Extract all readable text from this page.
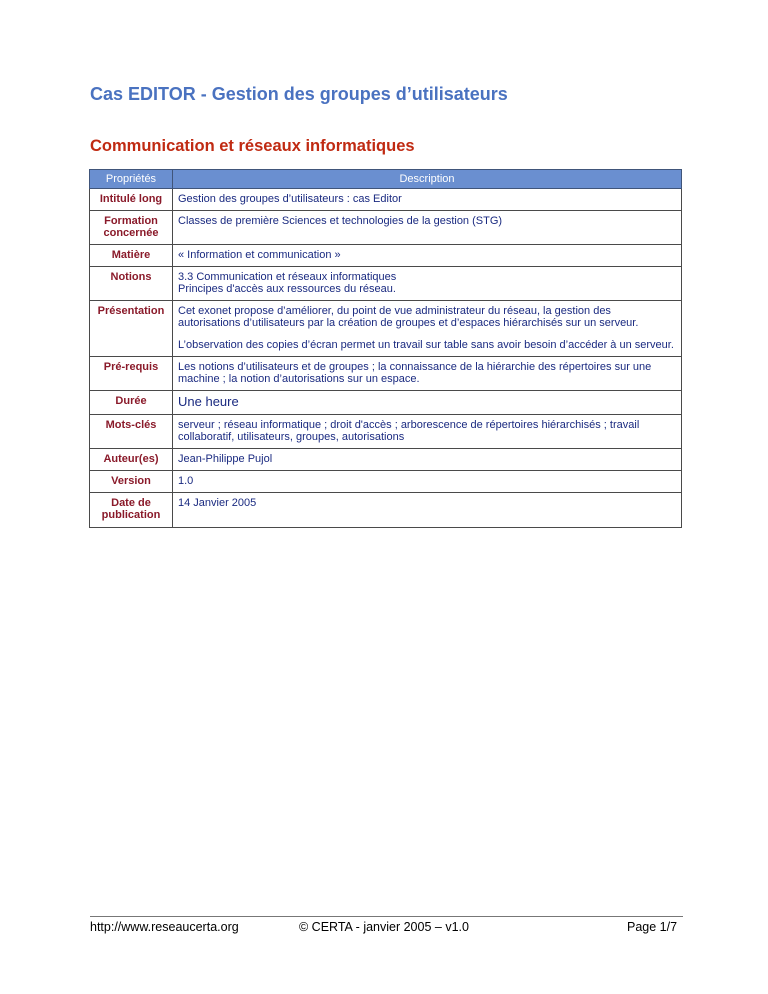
Cas EDITOR - Gestion des groupes d’utilisateurs
Communication et réseaux informatiques
Propriétés	Description
Intitulé long	Gestion des groupes d’utilisateurs : cas Editor

Formation concernée	Classes de première Sciences et technologies de la gestion (STG)

Matière	« Information et communication »

Notions	3.3 Communication et réseaux informatiques
Principes d'accès aux ressources du réseau.

Présentation	Cet exonet propose d’améliorer, du point de vue administrateur du réseau, la gestion des autorisations d’utilisateurs par la création de groupes et d’espaces hiérarchisés sur un serveur.
L’observation des copies d’écran permet un travail sur table sans avoir besoin d’accéder à un serveur.

Pré-requis	Les notions d’utilisateurs et de groupes ; la connaissance de la hiérarchie des répertoires sur une machine ; la notion d’autorisations sur un espace.

Durée	Une heure

Mots-clés	serveur ; réseau informatique ; droit d'accès ; arborescence de répertoires hiérarchisés ; travail collaboratif, utilisateurs, groupes, autorisations

Auteur(es)	Jean-Philippe Pujol

Version	1.0

Date de publication	14 Janvier 2005
http://www.reseaucerta.org	© CERTA - janvier 2005 – v1.0	Page 1/7
